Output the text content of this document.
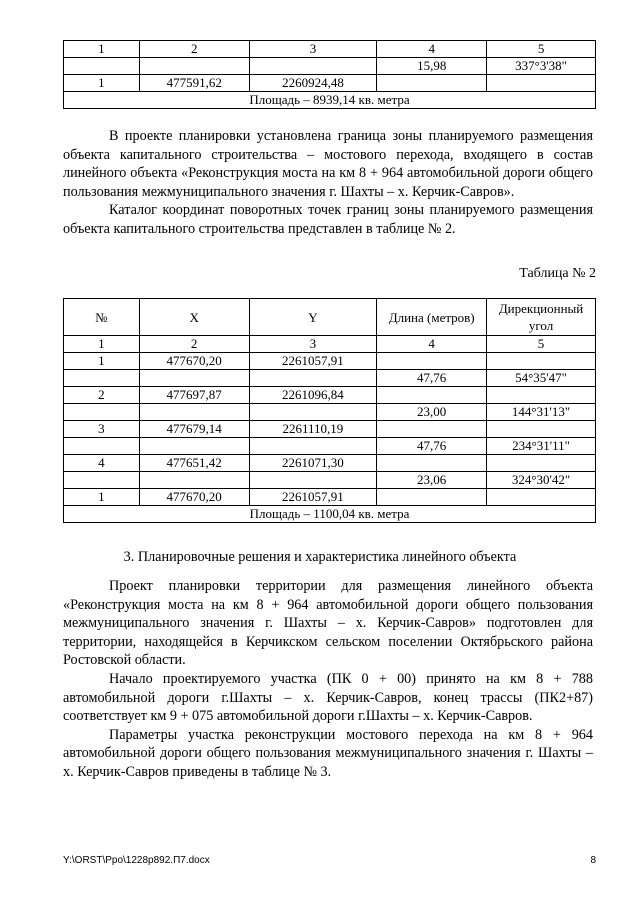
1	2	3	4	5
			15,98	337°3'38"
1	477591,62	2260924,48		
Площадь – 8939,14 кв. метра				

В проекте планировки установлена граница зоны планируемого размещения объекта капитального строительства – мостового перехода, входящего в состав линейного объекта «Реконструкция моста на км 8 + 964 автомобильной дороги общего пользования межмуниципального значения г. Шахты – х. Керчик-Савров».

Каталог координат поворотных точек границ зоны планируемого размещения объекта капитального строительства представлен в таблице № 2.

Таблица № 2
№	X	Y	Длина (метров)	Дирекционный угол
1	2	3	4	5
1	477670,20	2261057,91		
			47,76	54°35'47"
2	477697,87	2261096,84		
			23,00	144°31'13"
3	477679,14	2261110,19		
			47,76	234°31'11"
4	477651,42	2261071,30		
			23,06	324°30'42"
1	477670,20	2261057,91		
Площадь – 1100,04 кв. метра				
3. Планировочные решения и характеристика линейного объекта

Проект планировки территории для размещения линейного объекта «Реконструкция моста на км 8 + 964 автомобильной дороги общего пользования межмуниципального значения г. Шахты – х. Керчик-Савров» подготовлен для территории, находящейся в Керчикском сельском поселении Октябрьского района Ростовской области.

Начало проектируемого участка (ПК 0 + 00) принято на км 8 + 788 автомобильной дороги г.Шахты – х. Керчик-Савров, конец трассы (ПК2+87) соответствует км 9 + 075 автомобильной дороги г.Шахты – х. Керчик-Савров.

Параметры участка реконструкции мостового перехода на км 8 + 964 автомобильной дороги общего пользования межмуниципального значения г. Шахты – х. Керчик-Савров приведены в таблице № 3.

Y:\ORST\Ppo\1228p892.П7.docx	8
